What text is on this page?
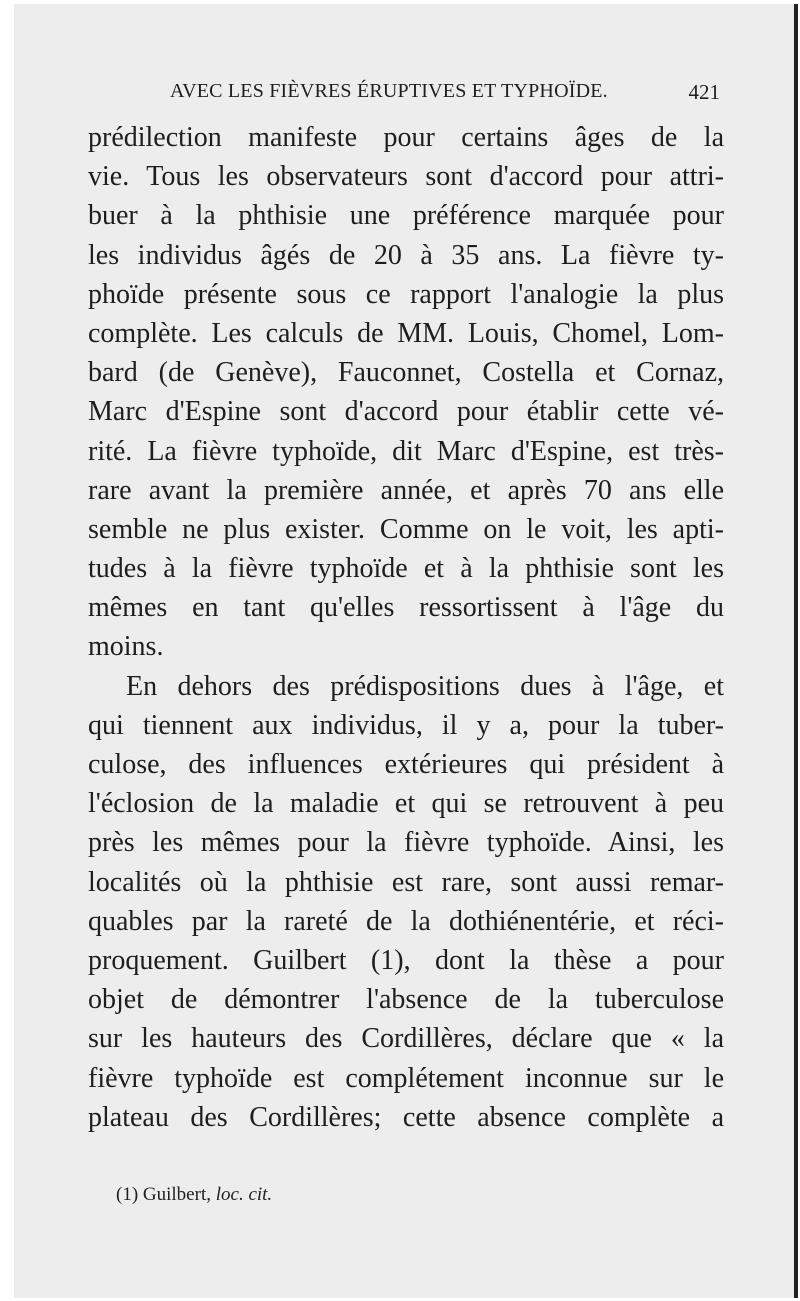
AVEC LES FIÈVRES ÉRUPTIVES ET TYPHOÏDE.	421
prédilection manifeste pour certains âges de la
vie. Tous les observateurs sont d'accord pour attri-
buer à la phthisie une préférence marquée pour
les individus âgés de 20 à 35 ans. La fièvre ty-
phoïde présente sous ce rapport l'analogie la plus
complète. Les calculs de MM. Louis, Chomel, Lom-
bard (de Genève), Fauconnet, Costella et Cornaz,
Marc d'Espine sont d'accord pour établir cette vé-
rité. La fièvre typhoïde, dit Marc d'Espine, est très-
rare avant la première année, et après 70 ans elle
semble ne plus exister. Comme on le voit, les apti-
tudes à la fièvre typhoïde et à la phthisie sont les
mêmes en tant qu'elles ressortissent à l'âge du
moins.
En dehors des prédispositions dues à l'âge, et
qui tiennent aux individus, il y a, pour la tuber-
culose, des influences extérieures qui président à
l'éclosion de la maladie et qui se retrouvent à peu
près les mêmes pour la fièvre typhoïde. Ainsi, les
localités où la phthisie est rare, sont aussi remar-
quables par la rareté de la dothiénentérie, et réci-
proquement. Guilbert (1), dont la thèse a pour
objet de démontrer l'absence de la tuberculose
sur les hauteurs des Cordillères, déclare que « la
fièvre typhoïde est complétement inconnue sur le
plateau des Cordillères; cette absence complète a
(1) Guilbert, loc. cit.
